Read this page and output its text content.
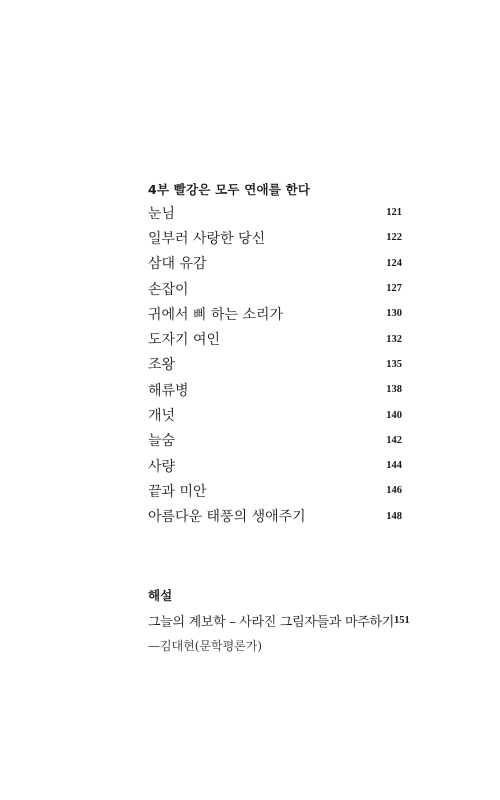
4부 빨강은 모두 연애를 한다
눈님	121
일부러 사랑한 당신	122
삼대 유감	124
손잡이	127
귀에서 삐 하는 소리가	130
도자기 여인	132
조왕	135
해류병	138
개넛	140
늘숨	142
사량	144
끝과 미안	146
아름다운 태풍의 생애주기	148
해설
그늘의 계보학 – 사라진 그림자들과 마주하기 151
—김대현(문학평론가)
